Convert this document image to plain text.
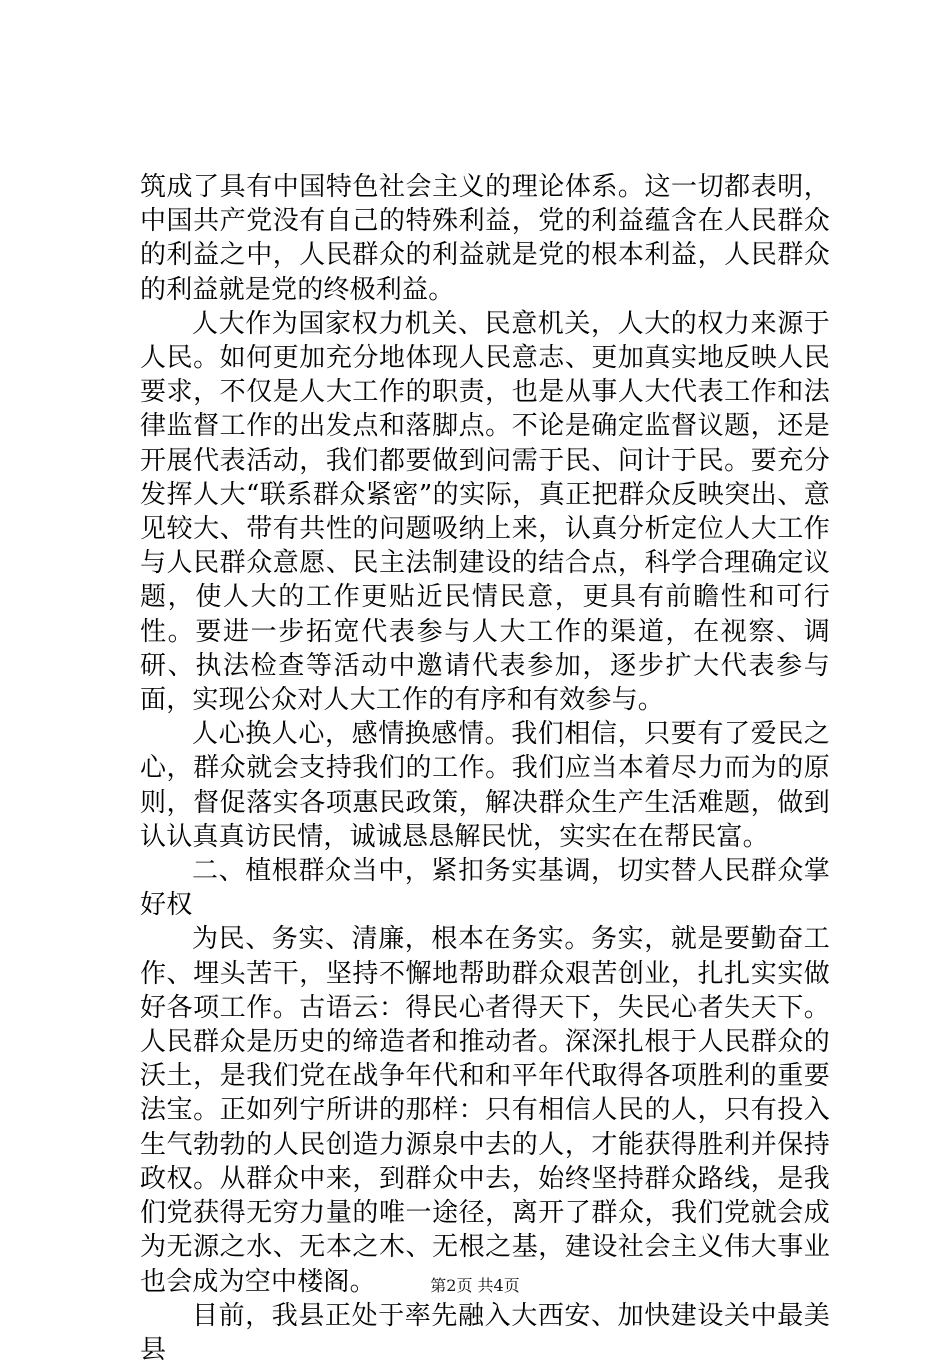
筑成了具有中国特色社会主义的理论体系。这一切都表明，中国共产党没有自己的特殊利益，党的利益蕴含在人民群众的利益之中，人民群众的利益就是党的根本利益，人民群众的利益就是党的终极利益。

人大作为国家权力机关、民意机关，人大的权力来源于人民。如何更加充分地体现人民意志、更加真实地反映人民要求，不仅是人大工作的职责，也是从事人大代表工作和法律监督工作的出发点和落脚点。不论是确定监督议题，还是开展代表活动，我们都要做到问需于民、问计于民。要充分发挥人大“联系群众紧密”的实际，真正把群众反映突出、意见较大、带有共性的问题吸纳上来，认真分析定位人大工作与人民群众意愿、民主法制建设的结合点，科学合理确定议题，使人大的工作更贴近民情民意，更具有前瞻性和可行性。要进一步拓宽代表参与人大工作的渠道，在视察、调研、执法检查等活动中邀请代表参加，逐步扩大代表参与面，实现公众对人大工作的有序和有效参与。

人心换人心，感情换感情。我们相信，只要有了爱民之心，群众就会支持我们的工作。我们应当本着尽力而为的原则，督促落实各项惠民政策，解决群众生产生活难题，做到认认真真访民情，诚诚恳恳解民忧，实实在在帮民富。

二、植根群众当中，紧扣务实基调，切实替人民群众掌好权

为民、务实、清廉，根本在务实。务实，就是要勤奋工作、埋头苦干，坚持不懈地帮助群众艰苦创业，扎扎实实做好各项工作。古语云：得民心者得天下，失民心者失天下。人民群众是历史的缔造者和推动者。深深扎根于人民群众的沃土，是我们党在战争年代和和平年代取得各项胜利的重要法宝。正如列宁所讲的那样：只有相信人民的人，只有投入生气勃勃的人民创造力源泉中去的人，才能获得胜利并保持政权。从群众中来，到群众中去，始终坚持群众路线，是我们党获得无穷力量的唯一途径，离开了群众，我们党就会成为无源之水、无本之木、无根之基，建设社会主义伟大事业也会成为空中楼阁。

目前，我县正处于率先融入大西安、加快建设关中最美县

第2页 共4页
